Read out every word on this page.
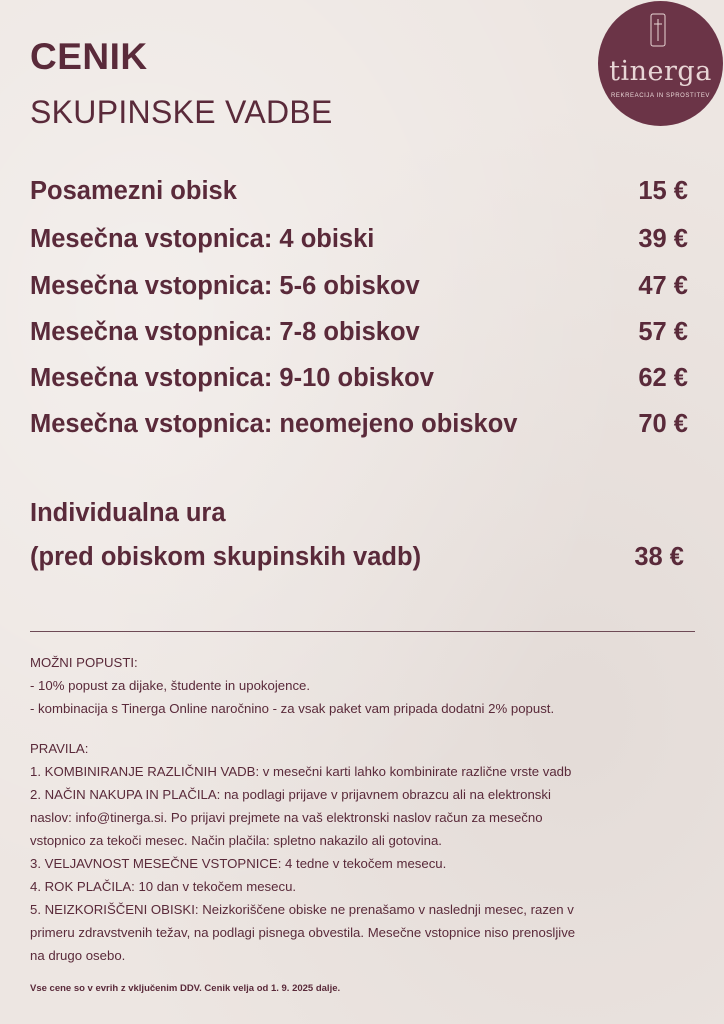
CENIK
SKUPINSKE VADBE
tinerga
REKREACIJA IN SPROSTITEV
Posamezni obisk	15 €
Mesečna vstopnica: 4 obiski	39 €
Mesečna vstopnica: 5-6 obiskov	47 €
Mesečna vstopnica: 7-8 obiskov	57 €
Mesečna vstopnica: 9-10 obiskov	62 €
Mesečna vstopnica: neomejeno obiskov	70 €
Individualna ura
(pred obiskom skupinskih vadb)	38 €
MOŽNI POPUSTI:
- 10% popust za dijake, študente in upokojence.
- kombinacija s Tinerga Online naročnino - za vsak paket vam pripada dodatni 2% popust.
PRAVILA:
1. KOMBINIRANJE RAZLIČNIH VADB: v mesečni karti lahko kombinirate različne vrste vadb
2. NAČIN NAKUPA IN PLAČILA: na podlagi prijave v prijavnem obrazcu ali na elektronski
naslov: info@tinerga.si. Po prijavi prejmete na vaš elektronski naslov račun za mesečno
vstopnico za tekoči mesec. Način plačila: spletno nakazilo ali gotovina.
3. VELJAVNOST MESEČNE VSTOPNICE: 4 tedne v tekočem mesecu.
4. ROK PLAČILA: 10 dan v tekočem mesecu.
5. NEIZKORIŠČENI OBISKI: Neizkoriščene obiske ne prenašamo v naslednji mesec, razen v
primeru zdravstvenih težav, na podlagi pisnega obvestila. Mesečne vstopnice niso prenosljive
na drugo osebo.
Vse cene so v evrih z vključenim DDV. Cenik velja od 1. 9. 2025 dalje.
